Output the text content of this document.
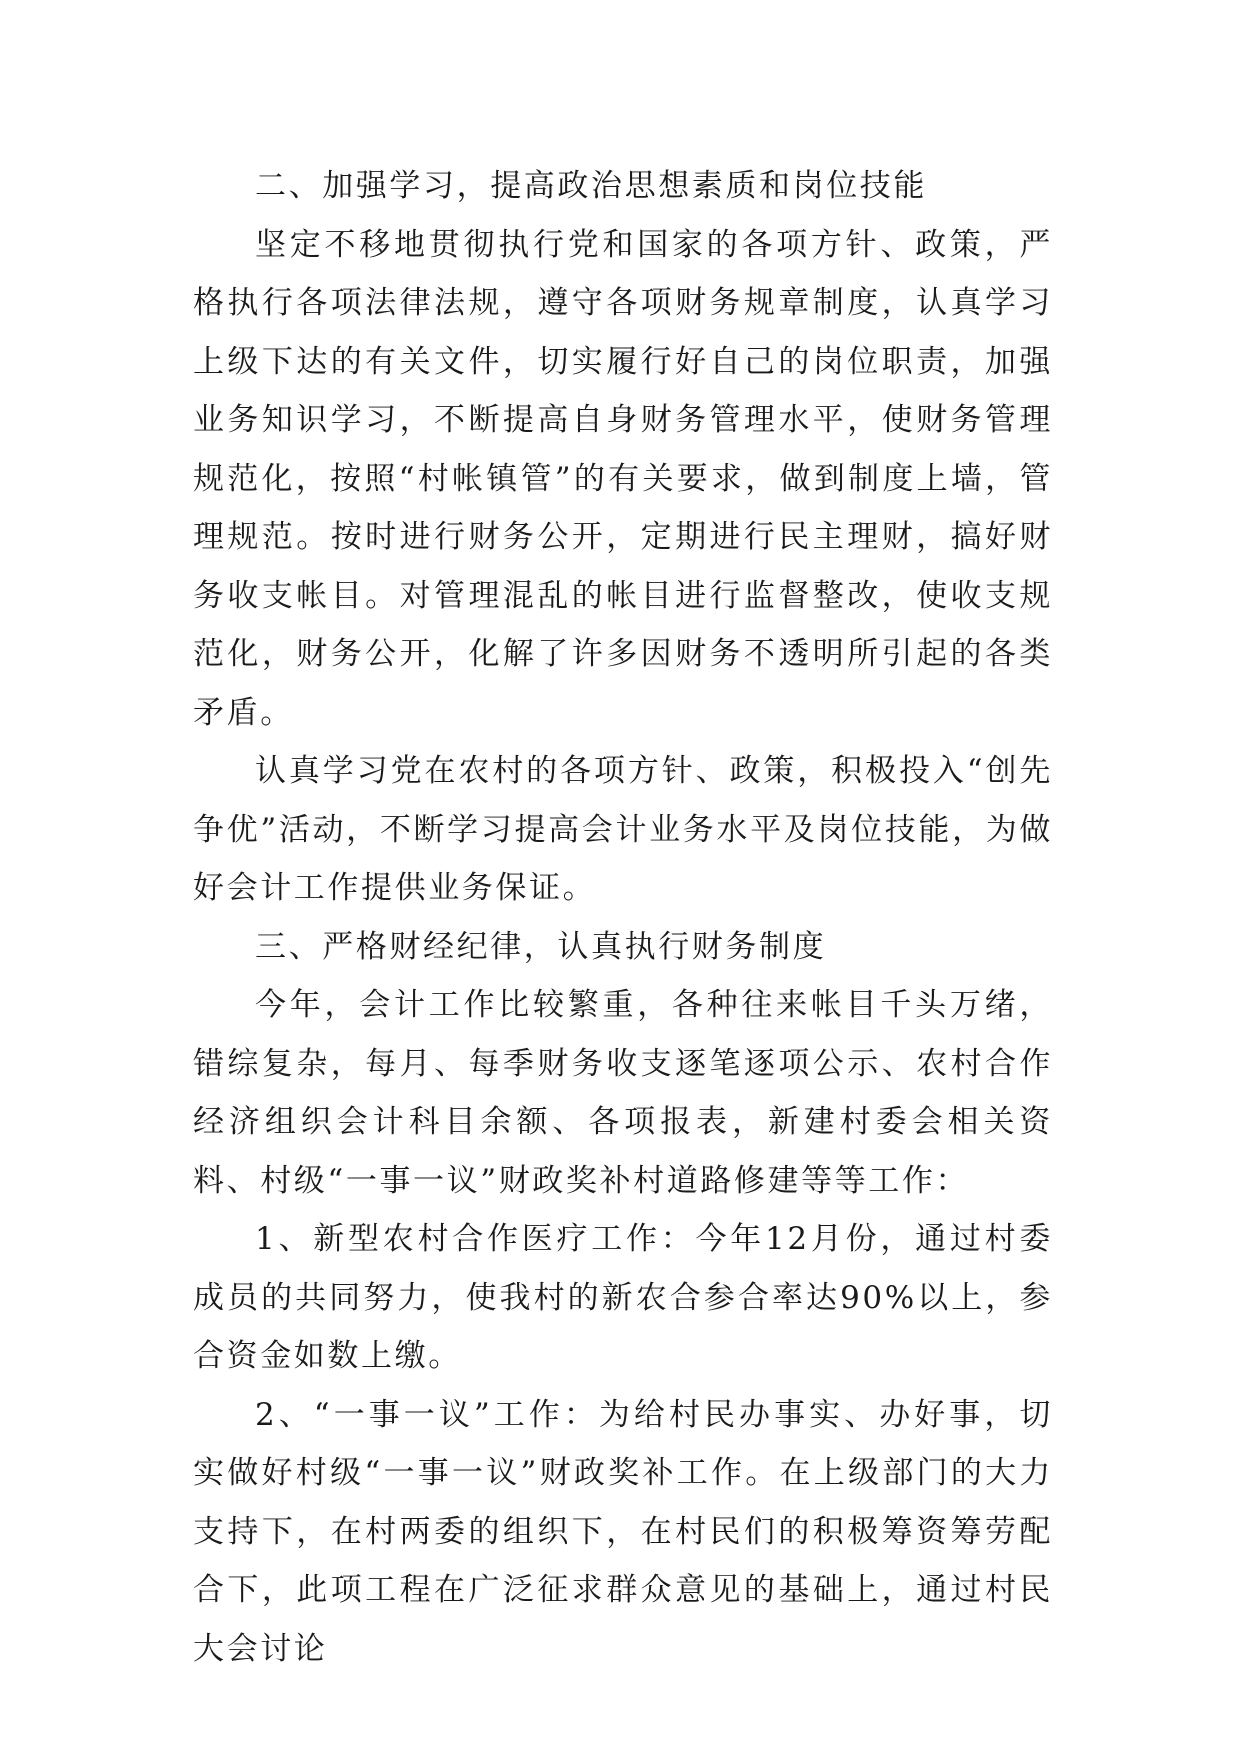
二、加强学习，提高政治思想素质和岗位技能

坚定不移地贯彻执行党和国家的各项方针、政策，严格执行各项法律法规，遵守各项财务规章制度，认真学习上级下达的有关文件，切实履行好自己的岗位职责，加强业务知识学习，不断提高自身财务管理水平，使财务管理规范化，按照“村帐镇管”的有关要求，做到制度上墙，管理规范。按时进行财务公开，定期进行民主理财，搞好财务收支帐目。对管理混乱的帐目进行监督整改，使收支规范化，财务公开，化解了许多因财务不透明所引起的各类矛盾。

认真学习党在农村的各项方针、政策，积极投入“创先争优”活动，不断学习提高会计业务水平及岗位技能，为做好会计工作提供业务保证。

三、严格财经纪律，认真执行财务制度

今年，会计工作比较繁重，各种往来帐目千头万绪，错综复杂，每月、每季财务收支逐笔逐项公示、农村合作经济组织会计科目余额、各项报表，新建村委会相关资料、村级“一事一议”财政奖补村道路修建等等工作：

1、新型农村合作医疗工作：今年12月份，通过村委成员的共同努力，使我村的新农合参合率达90%以上，参合资金如数上缴。

2、“一事一议”工作：为给村民办事实、办好事，切实做好村级“一事一议”财政奖补工作。在上级部门的大力支持下，在村两委的组织下，在村民们的积极筹资筹劳配合下，此项工程在广泛征求群众意见的基础上，通过村民大会讨论
